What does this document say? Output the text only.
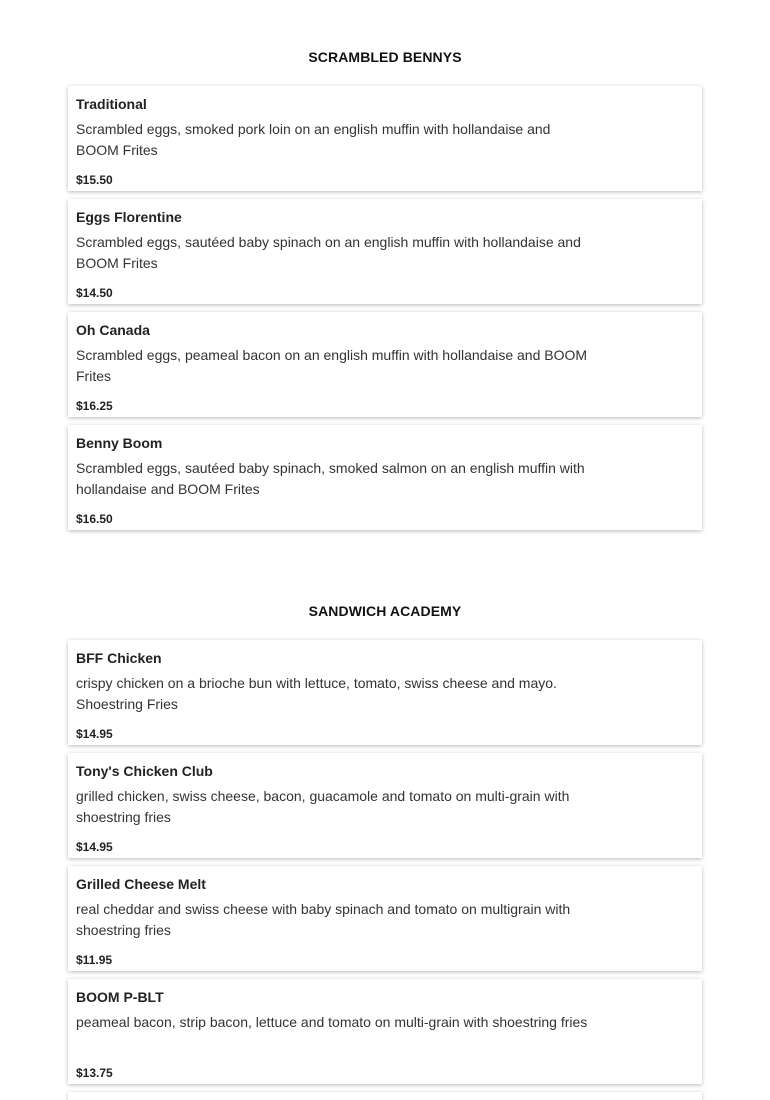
SCRAMBLED BENNYS
Traditional
Scrambled eggs, smoked pork loin on an english muffin with hollandaise and BOOM Frites
$15.50
Eggs Florentine
Scrambled eggs, sautéed baby spinach on an english muffin with hollandaise and BOOM Frites
$14.50
Oh Canada
Scrambled eggs, peameal bacon on an english muffin with hollandaise and BOOM Frites
$16.25
Benny Boom
Scrambled eggs, sautéed baby spinach, smoked salmon on an english muffin with hollandaise and BOOM Frites
$16.50
SANDWICH ACADEMY
BFF Chicken
crispy chicken on a brioche bun with lettuce, tomato, swiss cheese and mayo. Shoestring Fries
$14.95
Tony's Chicken Club
grilled chicken, swiss cheese, bacon, guacamole and tomato on multi-grain with shoestring fries
$14.95
Grilled Cheese Melt
real cheddar and swiss cheese with baby spinach and tomato on multigrain with shoestring fries
$11.95
BOOM P-BLT
peameal bacon, strip bacon, lettuce and tomato on multi-grain with shoestring fries
$13.75
